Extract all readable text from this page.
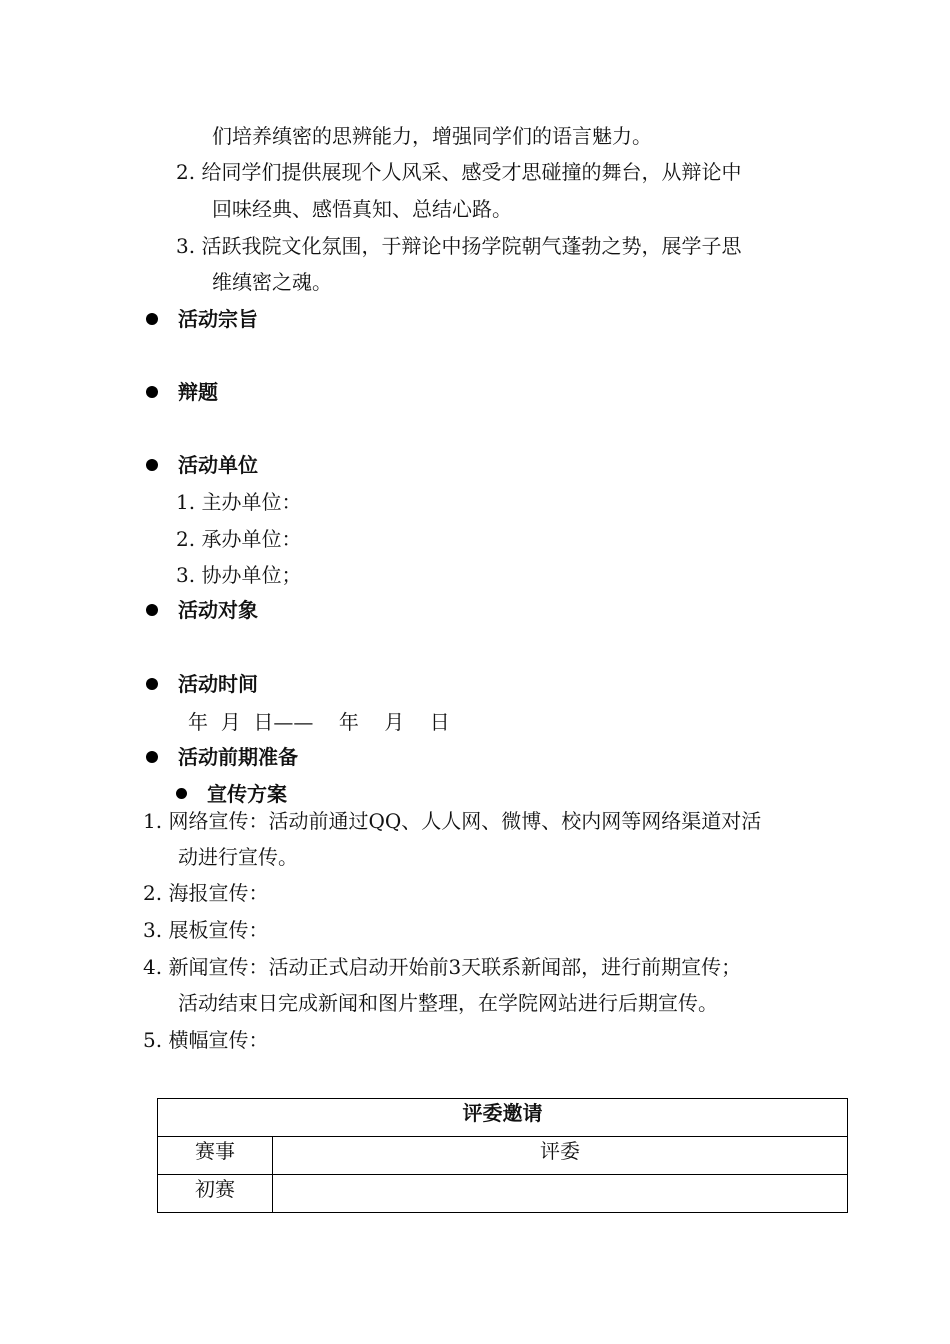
们培养缜密的思辨能力，增强同学们的语言魅力。
2. 给同学们提供展现个人风采、感受才思碰撞的舞台，从辩论中
回味经典、感悟真知、总结心路。
3. 活跃我院文化氛围，于辩论中扬学院朝气蓬勃之势，展学子思
维缜密之魂。
活动宗旨
辩题
活动单位
1. 主办单位：
2. 承办单位：
3. 协办单位；
活动对象
活动时间
年  月  日——    年    月    日
活动前期准备
宣传方案
1. 网络宣传：活动前通过QQ、人人网、微博、校内网等网络渠道对活
动进行宣传。
2. 海报宣传：
3. 展板宣传：
4. 新闻宣传：活动正式启动开始前3天联系新闻部，进行前期宣传；
活动结束日完成新闻和图片整理，在学院网站进行后期宣传。
5. 横幅宣传：
评委邀请	
赛事	评委
初赛	
